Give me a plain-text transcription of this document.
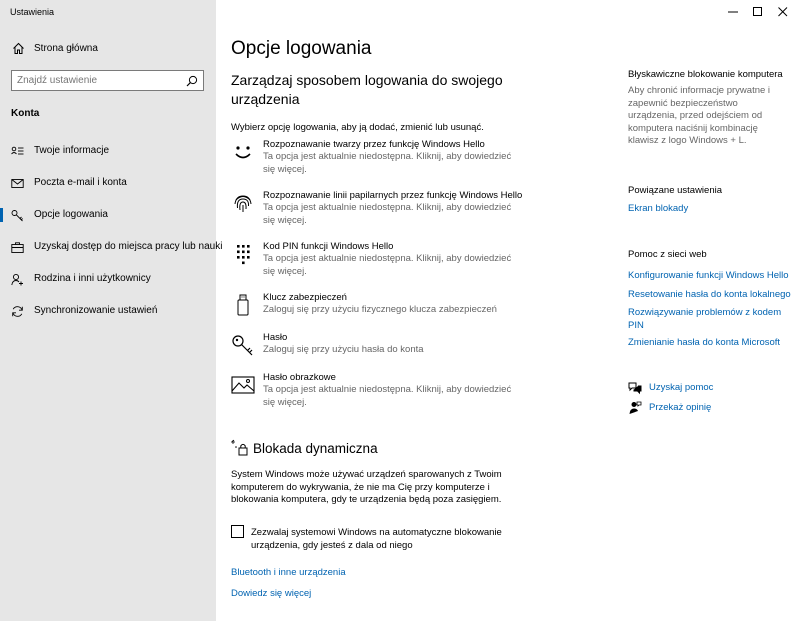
Ustawienia
Strona główna
Znajdź ustawienie
Konta
Twoje informacje
Poczta e-mail i konta
Opcje logowania
Uzyskaj dostęp do miejsca pracy lub nauki
Rodzina i inni użytkownicy
Synchronizowanie ustawień
Opcje logowania
Zarządzaj sposobem logowania do swojego urządzenia
Wybierz opcję logowania, aby ją dodać, zmienić lub usunąć.
Rozpoznawanie twarzy przez funkcję Windows Hello
Ta opcja jest aktualnie niedostępna. Kliknij, aby dowiedzieć się więcej.
Rozpoznawanie linii papilarnych przez funkcję Windows Hello
Ta opcja jest aktualnie niedostępna. Kliknij, aby dowiedzieć się więcej.
Kod PIN funkcji Windows Hello
Ta opcja jest aktualnie niedostępna. Kliknij, aby dowiedzieć się więcej.
Klucz zabezpieczeń
Zaloguj się przy użyciu fizycznego klucza zabezpieczeń
Hasło
Zaloguj się przy użyciu hasła do konta
Hasło obrazkowe
Ta opcja jest aktualnie niedostępna. Kliknij, aby dowiedzieć się więcej.
Blokada dynamiczna
System Windows może używać urządzeń sparowanych z Twoim komputerem do wykrywania, że nie ma Cię przy komputerze i blokowania komputera, gdy te urządzenia będą poza zasięgiem.
Zezwalaj systemowi Windows na automatyczne blokowanie urządzenia, gdy jesteś z dala od niego
Bluetooth i inne urządzenia
Dowiedz się więcej
Błyskawiczne blokowanie komputera
Aby chronić informacje prywatne i zapewnić bezpieczeństwo urządzenia, przed odejściem od komputera naciśnij kombinację klawisz z logo Windows + L.
Powiązane ustawienia
Ekran blokady
Pomoc z sieci web
Konfigurowanie funkcji Windows Hello
Resetowanie hasła do konta lokalnego
Rozwiązywanie problemów z kodem PIN
Zmienianie hasła do konta Microsoft
Uzyskaj pomoc
Przekaż opinię
